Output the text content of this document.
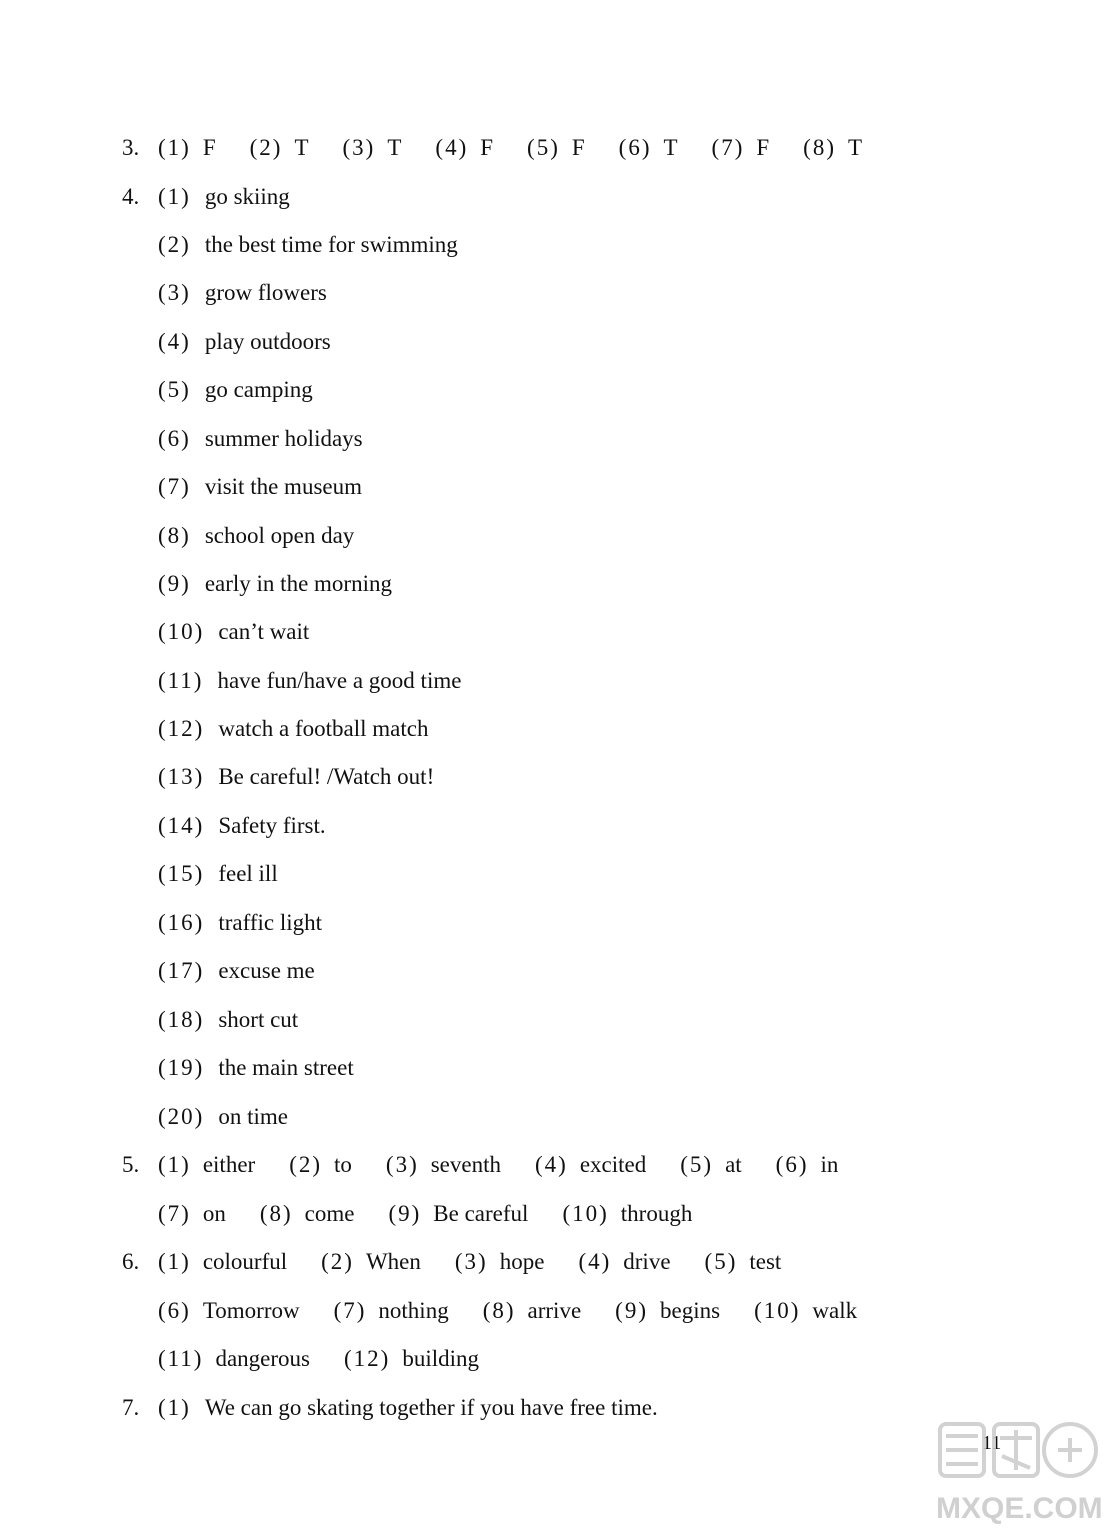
3. (1) F (2) T (3) T (4) F (5) F (6) T (7) F (8) T
4. (1) go skiing
(2) the best time for swimming
(3) grow flowers
(4) play outdoors
(5) go camping
(6) summer holidays
(7) visit the museum
(8) school open day
(9) early in the morning
(10) can’t wait
(11) have fun/have a good time
(12) watch a football match
(13) Be careful! /Watch out!
(14) Safety first.
(15) feel ill
(16) traffic light
(17) excuse me
(18) short cut
(19) the main street
(20) on time
5. (1) either (2) to (3) seventh (4) excited (5) at (6) in
(7) on (8) come (9) Be careful (10) through
6. (1) colourful (2) When (3) hope (4) drive (5) test
(6) Tomorrow (7) nothing (8) arrive (9) begins (10) walk
(11) dangerous (12) building
7. (1) We can go skating together if you have free time.
11
MXQE.COM
